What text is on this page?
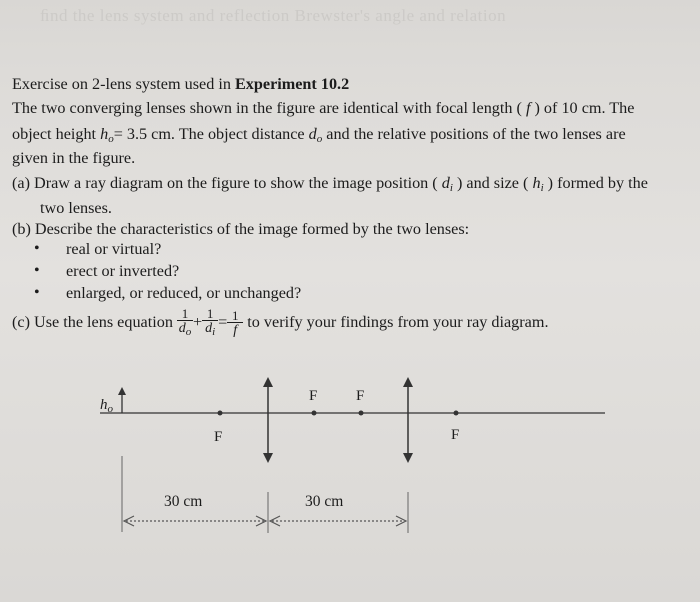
ﬁnd the lens system and reflection Brewster's angle and relation
Exercise on 2-lens system used in Experiment 10.2
The two converging lenses shown in the figure are identical with focal length ( f ) of 10 cm. The
object height $h_o= 3.5$ cm. The object distance $d_o$ and the relative positions of the two lenses are
given in the figure.
(a) Draw a ray diagram on the figure to show the image position ( $d_i$ ) and size ( $h_i$ ) formed by the
two lenses.
(b) Describe the characteristics of the image formed by the two lenses:
• real or virtual?
• erect or inverted?
• enlarged, or reduced, or unchanged?
(c) Use the lens equation $\frac{1}{d_o} + \frac{1}{d_i} = \frac{1}{f}$ to verify your findings from your ray diagram.
$h_o$
F
F	F
F
30 cm	30 cm
